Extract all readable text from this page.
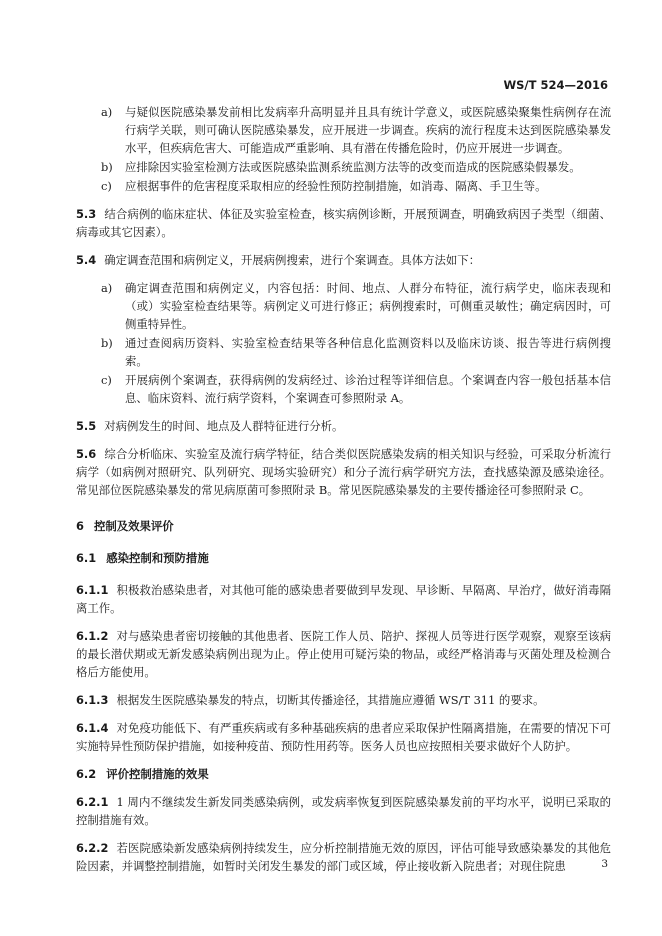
WS/T 524—2016
a)	与疑似医院感染暴发前相比发病率升高明显并且具有统计学意义，或医院感染聚集性病例存在流行病学关联，则可确认医院感染暴发，应开展进一步调查。疾病的流行程度未达到医院感染暴发水平，但疾病危害大、可能造成严重影响、具有潜在传播危险时，仍应开展进一步调查。
b)	应排除因实验室检测方法或医院感染监测系统监测方法等的改变而造成的医院感染假暴发。
c)	应根据事件的危害程度采取相应的经验性预防控制措施，如消毒、隔离、手卫生等。
5.3 结合病例的临床症状、体征及实验室检查，核实病例诊断，开展预调查，明确致病因子类型（细菌、病毒或其它因素）。
5.4 确定调查范围和病例定义，开展病例搜索，进行个案调查。具体方法如下：
a)	确定调查范围和病例定义，内容包括：时间、地点、人群分布特征，流行病学史，临床表现和（或）实验室检查结果等。病例定义可进行修正；病例搜索时，可侧重灵敏性；确定病因时，可侧重特异性。
b)	通过查阅病历资料、实验室检查结果等各种信息化监测资料以及临床访谈、报告等进行病例搜索。
c)	开展病例个案调查，获得病例的发病经过、诊治过程等详细信息。个案调查内容一般包括基本信息、临床资料、流行病学资料，个案调查可参照附录 A。
5.5 对病例发生的时间、地点及人群特征进行分析。
5.6 综合分析临床、实验室及流行病学特征，结合类似医院感染发病的相关知识与经验，可采取分析流行病学（如病例对照研究、队列研究、现场实验研究）和分子流行病学研究方法，查找感染源及感染途径。常见部位医院感染暴发的常见病原菌可参照附录 B。常见医院感染暴发的主要传播途径可参照附录 C。
6 控制及效果评价
6.1 感染控制和预防措施
6.1.1 积极救治感染患者，对其他可能的感染患者要做到早发现、早诊断、早隔离、早治疗，做好消毒隔离工作。
6.1.2 对与感染患者密切接触的其他患者、医院工作人员、陪护、探视人员等进行医学观察，观察至该病的最长潜伏期或无新发感染病例出现为止。停止使用可疑污染的物品，或经严格消毒与灭菌处理及检测合格后方能使用。
6.1.3 根据发生医院感染暴发的特点，切断其传播途径，其措施应遵循 WS/T 311 的要求。
6.1.4 对免疫功能低下、有严重疾病或有多种基础疾病的患者应采取保护性隔离措施，在需要的情况下可实施特异性预防保护措施，如接种疫苗、预防性用药等。医务人员也应按照相关要求做好个人防护。
6.2 评价控制措施的效果
6.2.1 1 周内不继续发生新发同类感染病例，或发病率恢复到医院感染暴发前的平均水平，说明已采取的控制措施有效。
6.2.2 若医院感染新发感染病例持续发生，应分析控制措施无效的原因，评估可能导致感染暴发的其他危险因素，并调整控制措施，如暂时关闭发生暴发的部门或区域，停止接收新入院患者；对现住院患	3
